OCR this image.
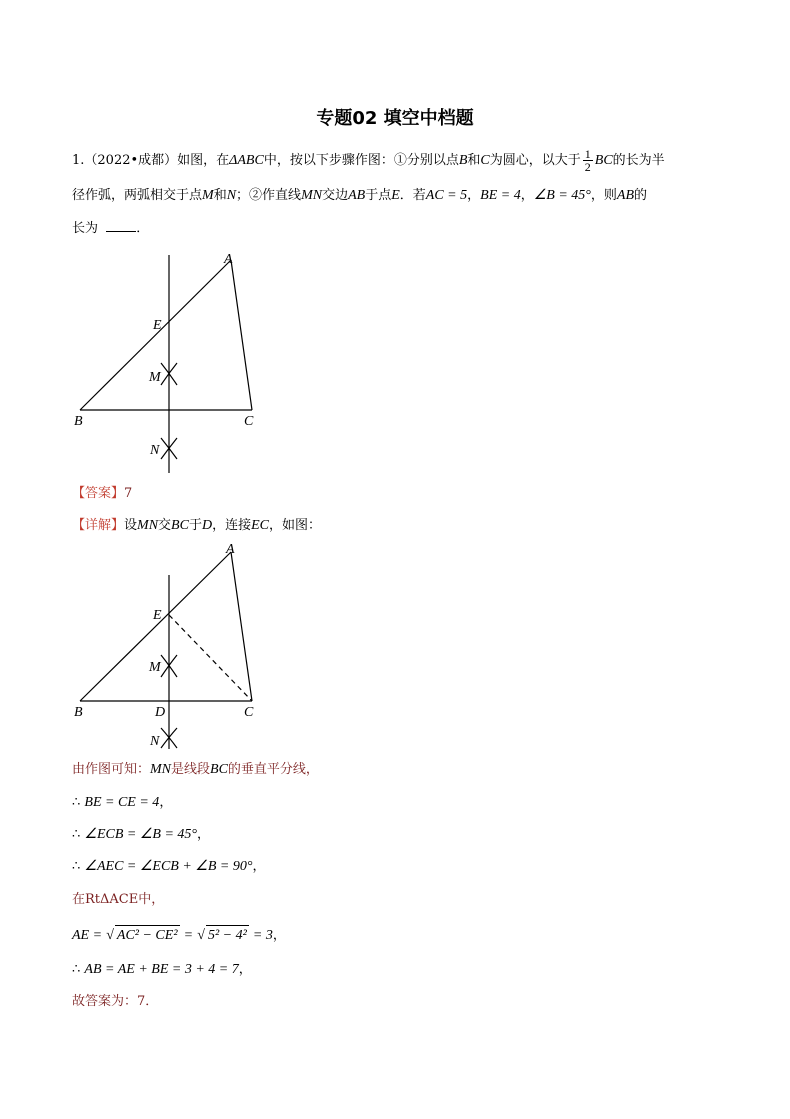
专题02 填空中档题
1.（2022•成都）如图，在ΔABC中，按以下步骤作图：①分别以点B和C为圆心，以大于 $\frac{1}{2}$ BC的长为半
径作弧，两弧相交于点M和N；②作直线MN交边AB于点E．若AC = 5，BE = 4，∠B = 45°，则AB的
长为	．
A
E
M
B	C
N
【答案】7
【详解】设MN交BC于D，连接EC，如图：
A
E
M
B	D	C
N
由作图可知：MN是线段BC的垂直平分线，
∴ BE = CE = 4，
∴ ∠ECB = ∠B = 45°，
∴ ∠AEC = ∠ECB + ∠B = 90°，
在RtΔACE中，
AE = √ AC² − CE² = √ 5² − 4² = 3，
∴ AB = AE + BE = 3 + 4 = 7，
故答案为：7．
